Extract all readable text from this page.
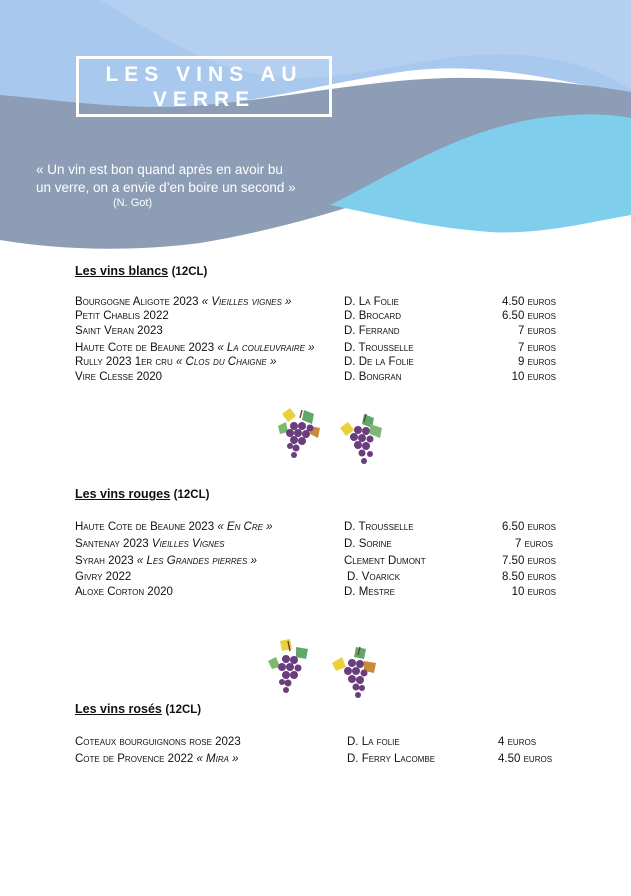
LES VINS AU
VERRE
« Un vin est bon quand après en avoir bu
un verre, on a envie d’en boire un second »
(N. Got)
Les vins blancs (12CL)
Bourgogne Aligote 2023 « Vieilles vignes »	D. La Folie	4.50 euros
Petit Chablis 2022	D. Brocard	6.50 euros
Saint Veran 2023	D. Ferrand	7 euros
Haute Cote de Beaune 2023 « La couleuvraire »	D. Trousselle	7 euros
Rully 2023 1er cru « Clos du Chaigne »	D. De la Folie	9 euros
Vire Clesse 2020	D. Bongran	10 euros
Les vins rouges (12CL)
Haute Cote de Beaune 2023 « En Cre »	D. Trousselle	6.50 euros
Santenay 2023 Vieilles Vignes	D. Sorine	7 euros
Syrah 2023 « Les Grandes pierres »	Clement Dumont	7.50 euros
Givry 2022	D. Voarick	8.50 euros
Aloxe Corton 2020	D. Mestre	10 euros
Les vins rosés (12CL)
Coteaux bourguignons rose 2023	D. La folie	4 euros
Cote de Provence 2022 « Mira »	D. Ferry Lacombe	4.50 euros
